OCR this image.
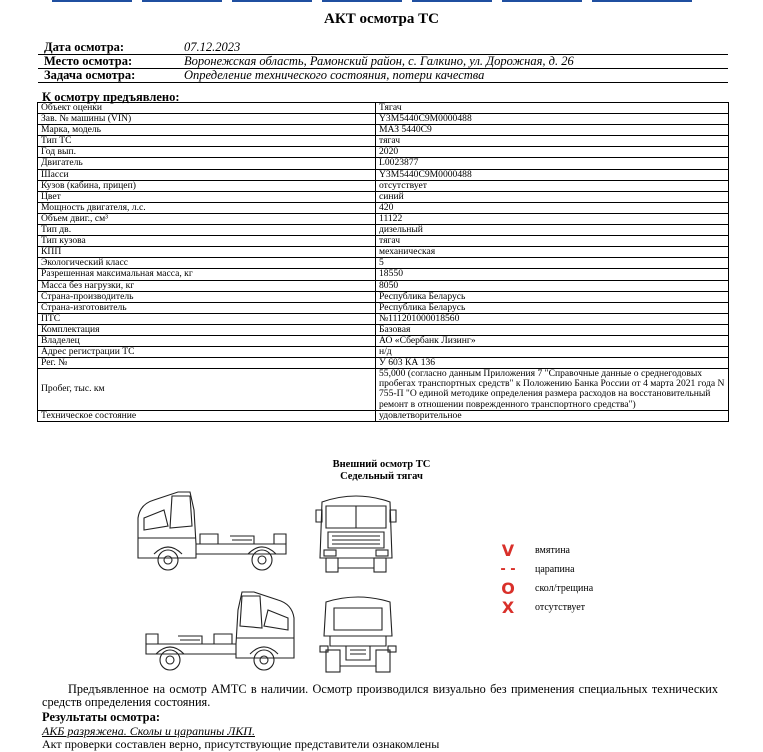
АКТ осмотра ТС
Дата осмотра:	07.12.2023
Место осмотра:	Воронежская область, Рамонский район, с. Галкино, ул. Дорожная, д. 26
Задача осмотра:	Определение технического состояния, потери качества
К осмотру предъявлено:
Объект оценки	Тягач
Зав. № машины (VIN)	Y3M5440C9M0000488
Марка, модель	МАЗ 5440С9
Тип ТС	тягач
Год вып.	2020
Двигатель	L0023877
Шасси	Y3M5440C9M0000488
Кузов (кабина, прицеп)	отсутствует
Цвет	синий
Мощность двигателя, л.с.	420
Объем двиг., см³	11122
Тип дв.	дизельный
Тип кузова	тягач
КПП	механическая
Экологический класс	5
Разрешенная максимальная масса, кг	18550
Масса без нагрузки, кг	8050
Страна-производитель	Республика Беларусь
Страна-изготовитель	Республика Беларусь
ПТС	№111201000018560
Комплектация	Базовая
Владелец	АО «Сбербанк Лизинг»
Адрес регистрации ТС	н/д
Рег. №	У 603 КА 136
Пробег, тыс. км	55,000 (согласно данным Приложения 7 "Справочные данные о среднегодовых пробегах транспортных средств" к Положению Банка России от 4 марта 2021 года N 755-П "О единой методике определения размера расходов на восстановительный ремонт в отношении поврежденного транспортного средства")
Техническое состояние	удовлетворительное
Внешний осмотр ТС
Седельный тягач
V	вмятина
- -	царапина
O	скол/трещина
X	отсутствует
Предъявленное на осмотр АМТС в наличии. Осмотр производился визуально без применения специальных технических средств определения состояния.
Результаты осмотра:
АКБ разряжена. Сколы и царапины ЛКП.
Акт проверки составлен верно, присутствующие представители ознакомлены
